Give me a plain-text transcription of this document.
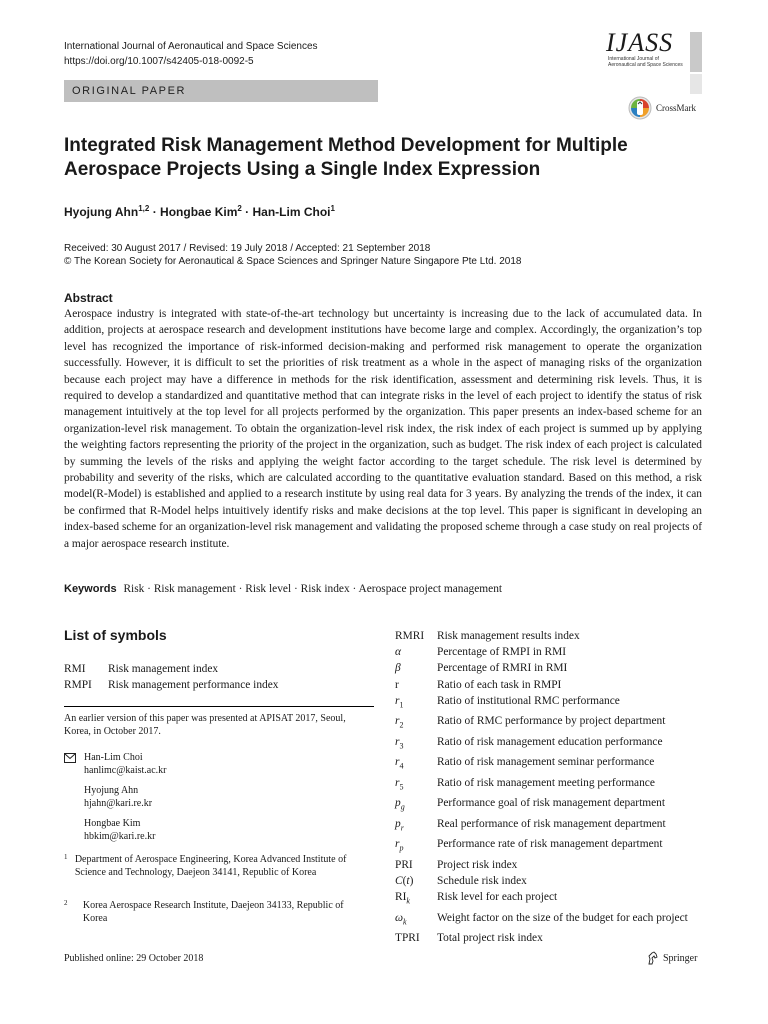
International Journal of Aeronautical and Space Sciences
https://doi.org/10.1007/s42405-018-0092-5
IJASS
International Journal of Aeronautical and Space Sciences
ORIGINAL PAPER
CrossMark
Integrated Risk Management Method Development for Multiple Aerospace Projects Using a Single Index Expression
Hyojung Ahn$^{1,2}$ · Hongbae Kim$^2$ · Han-Lim Choi$^1$
Received: 30 August 2017 / Revised: 19 July 2018 / Accepted: 21 September 2018
© The Korean Society for Aeronautical & Space Sciences and Springer Nature Singapore Pte Ltd. 2018
Abstract
Aerospace industry is integrated with state-of-the-art technology but uncertainty is increasing due to the lack of accumulated data. In addition, projects at aerospace research and development institutions have become large and complex. Accordingly, the organization’s top level has recognized the importance of risk-informed decision-making and performed risk management to operate the organization successfully. However, it is difficult to set the priorities of risk treatment as a whole in the aspect of managing risks of the organization because each project may have a difference in methods for the risk identification, assessment and determining risk levels. Thus, it is required to develop a standardized and quantitative method that can integrate risks in the level of each project to identify the status of risk management intuitively at the top level for all projects performed by the organization. This paper presents an index-based scheme for an organization-level risk management. To obtain the organization-level risk index, the risk index of each project is summed up by applying the weighting factors representing the priority of the project in the organization, such as budget. The risk index of each project is calculated by summing the levels of the risks and applying the weight factor according to the target schedule. The risk level is determined by probability and severity of the risks, which are calculated according to the quantitative evaluation standard. Based on this method, a risk model(R-Model) is established and applied to a research institute by using real data for 3 years. By analyzing the trends of the index, it can be confirmed that R-Model helps intuitively identify risks and make decisions at the top level. This paper is significant in developing an index-based scheme for an organization-level risk management and validating the proposed scheme through a case study on real projects of a major aerospace research institute.
Keywords Risk · Risk management · Risk level · Risk index · Aerospace project management
List of symbols
RMI	Risk management index
RMPI	Risk management performance index
An earlier version of this paper was presented at APISAT 2017, Seoul, Korea, in October 2017.
Han-Lim Choi
hanlimc@kaist.ac.kr
Hyojung Ahn
hjahn@kari.re.kr
Hongbae Kim
hbkim@kari.re.kr
1 Department of Aerospace Engineering, Korea Advanced Institute of Science and Technology, Daejeon 34141, Republic of Korea
2	Korea Aerospace Research Institute, Daejeon 34133, Republic of Korea
RMRI	Risk management results index
α	Percentage of RMPI in RMI
β	Percentage of RMRI in RMI
r	Ratio of each task in RMPI
$r_1$	Ratio of institutional RMC performance
$r_2$	Ratio of RMC performance by project department
$r_3$	Ratio of risk management education performance
$r_4$	Ratio of risk management seminar performance
$r_5$	Ratio of risk management meeting performance
$p_g$	Performance goal of risk management department
$p_r$	Real performance of risk management department
$r_p$	Performance rate of risk management department
PRI	Project risk index
C(t)	Schedule risk index
$RI_k$	Risk level for each project
$\omega_k$	Weight factor on the size of the budget for each project
TPRI	Total project risk index
Published online: 29 October 2018	Springer
